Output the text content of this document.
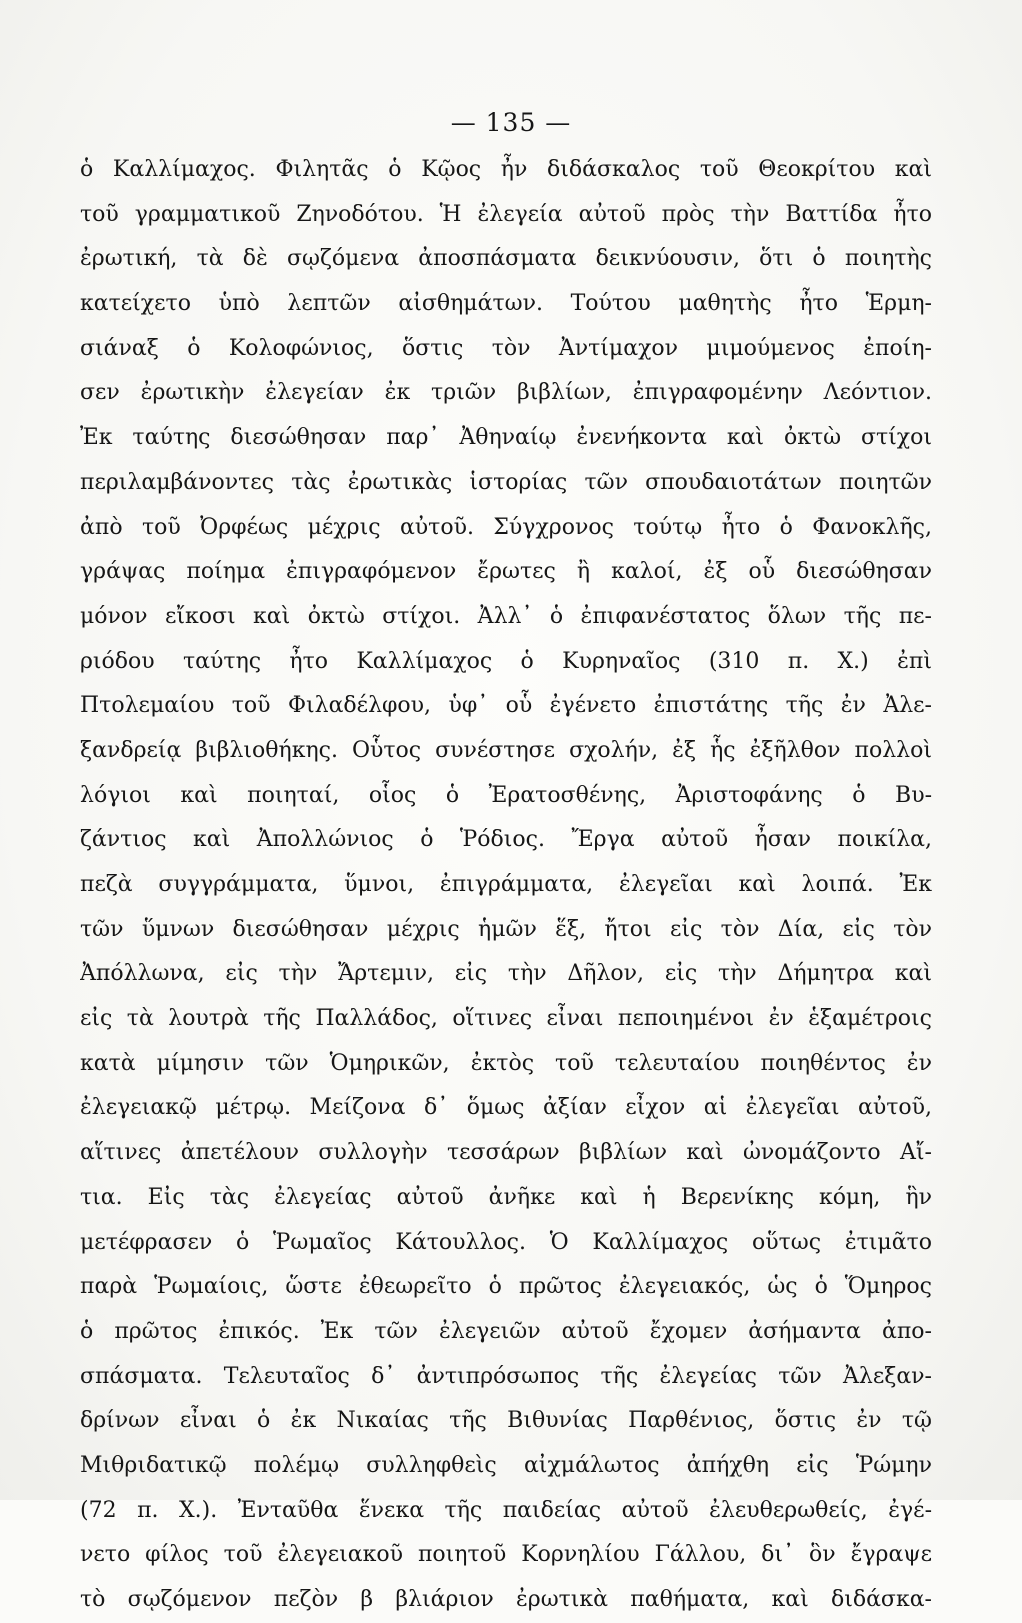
— 135 —
ὁ Καλλίμαχος. Φιλητᾶς ὁ Κῷος ἦν διδάσκαλος τοῦ Θεοκρίτου καὶ
τοῦ γραμματικοῦ Ζηνοδότου. Ἡ ἐλεγεία αὐτοῦ πρὸς τὴν Βαττίδα ἦτο
ἐρωτική, τὰ δὲ σῳζόμενα ἀποσπάσματα δεικνύουσιν, ὅτι ὁ ποιητὴς
κατείχετο ὑπὸ λεπτῶν αἰσθημάτων. Τούτου μαθητὴς ἦτο Ἑρμη-
σιάναξ ὁ Κολοφώνιος, ὅστις τὸν Ἀντίμαχον μιμούμενος ἐποίη-
σεν ἐρωτικὴν ἐλεγείαν ἐκ τριῶν βιβλίων, ἐπιγραφομένην Λεόντιον.
Ἐκ ταύτης διεσώθησαν παρ᾽ Ἀθηναίῳ ἐνενήκοντα καὶ ὀκτὼ στίχοι
περιλαμβάνοντες τὰς ἐρωτικὰς ἱστορίας τῶν σπουδαιοτάτων ποιητῶν
ἀπὸ τοῦ Ὀρφέως μέχρις αὐτοῦ. Σύγχρονος τούτῳ ἦτο ὁ Φανοκλῆς,
γράψας ποίημα ἐπιγραφόμενον ἔρωτες ἢ καλοί, ἐξ οὗ διεσώθησαν
μόνον εἴκοσι καὶ ὀκτὼ στίχοι. Ἀλλ᾽ ὁ ἐπιφανέστατος ὅλων τῆς πε-
ριόδου ταύτης ἦτο Καλλίμαχος ὁ Κυρηναῖος (310 π. Χ.) ἐπὶ
Πτολεμαίου τοῦ Φιλαδέλφου, ὑφ᾽ οὗ ἐγένετο ἐπιστάτης τῆς ἐν Ἀλε-
ξανδρείᾳ βιβλιοθήκης. Οὗτος συνέστησε σχολήν, ἐξ ἧς ἐξῆλθον πολλοὶ
λόγιοι καὶ ποιηταί, οἷος ὁ Ἐρατοσθένης, Ἀριστοφάνης ὁ Βυ-
ζάντιος καὶ Ἀπολλώνιος ὁ Ῥόδιος. Ἔργα αὐτοῦ ἦσαν ποικίλα,
πεζὰ συγγράμματα, ὕμνοι, ἐπιγράμματα, ἐλεγεῖαι καὶ λοιπά. Ἐκ
τῶν ὕμνων διεσώθησαν μέχρις ἡμῶν ἕξ, ἤτοι εἰς τὸν Δία, εἰς τὸν
Ἀπόλλωνα, εἰς τὴν Ἄρτεμιν, εἰς τὴν Δῆλον, εἰς τὴν Δήμητρα καὶ
εἰς τὰ λουτρὰ τῆς Παλλάδος, οἵτινες εἶναι πεποιημένοι ἐν ἑξαμέτροις
κατὰ μίμησιν τῶν Ὁμηρικῶν, ἐκτὸς τοῦ τελευταίου ποιηθέντος ἐν
ἐλεγειακῷ μέτρῳ. Μείζονα δ᾽ ὅμως ἀξίαν εἶχον αἱ ἐλεγεῖαι αὐτοῦ,
αἵτινες ἀπετέλουν συλλογὴν τεσσάρων βιβλίων καὶ ὠνομάζοντο Αἴ-
τια. Εἰς τὰς ἐλεγείας αὐτοῦ ἀνῆκε καὶ ἡ Βερενίκης κόμη, ἣν
μετέφρασεν ὁ Ῥωμαῖος Κάτουλλος. Ὁ Καλλίμαχος οὕτως ἐτιμᾶτο
παρὰ Ῥωμαίοις, ὥστε ἐθεωρεῖτο ὁ πρῶτος ἐλεγειακός, ὡς ὁ Ὅμηρος
ὁ πρῶτος ἐπικός. Ἐκ τῶν ἐλεγειῶν αὐτοῦ ἔχομεν ἀσήμαντα ἀπο-
σπάσματα. Τελευταῖος δ᾽ ἀντιπρόσωπος τῆς ἐλεγείας τῶν Ἀλεξαν-
δρίνων εἶναι ὁ ἐκ Νικαίας τῆς Βιθυνίας Παρθένιος, ὅστις ἐν τῷ
Μιθριδατικῷ πολέμῳ συλληφθεὶς αἰχμάλωτος ἀπήχθη εἰς Ῥώμην
(72 π. Χ.). Ἐνταῦθα ἕνεκα τῆς παιδείας αὐτοῦ ἐλευθερωθείς, ἐγέ-
νετο φίλος τοῦ ἐλεγειακοῦ ποιητοῦ Κορνηλίου Γάλλου, δι᾽ ὃν ἔγραψε
τὸ σῳζόμενον πεζὸν β βλιάριον ἐρωτικὰ παθήματα, καὶ διδάσκα-
